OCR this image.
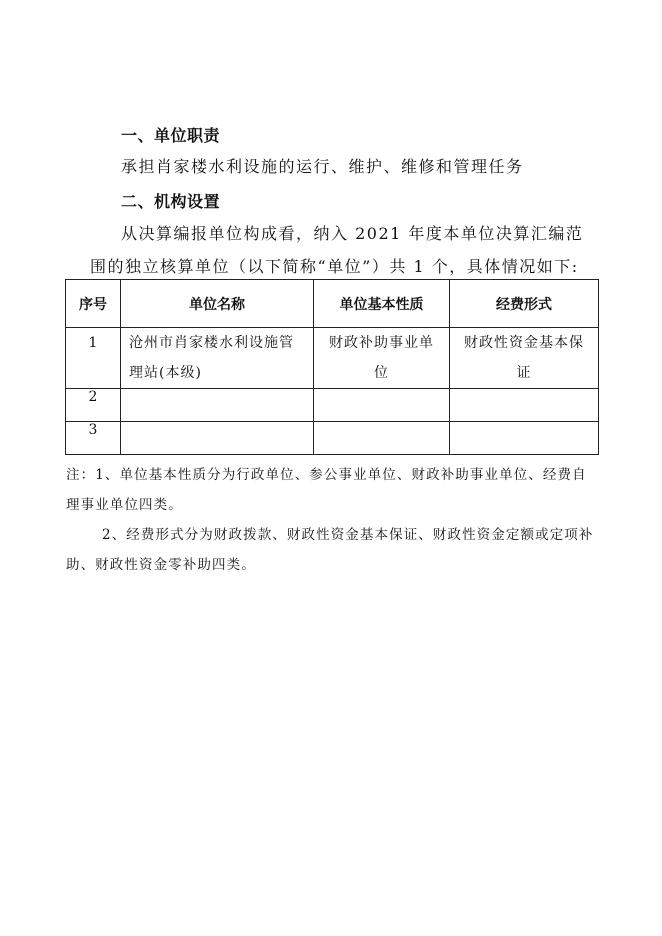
一、单位职责
承担肖家楼水利设施的运行、维护、维修和管理任务
二、机构设置
从决算编报单位构成看，纳入 2021 年度本单位决算汇编范
围的独立核算单位（以下简称“单位”）共 1 个，具体情况如下:
序号	单位名称	单位基本性质	经费形式

1	沧州市肖家楼水利设施管理站(本级)	财政补助事业单位	财政性资金基本保证

2			
3			
注：1、单位基本性质分为行政单位、参公事业单位、财政补助事业单位、经费自理事业单位四类。
2、经费形式分为财政拨款、财政性资金基本保证、财政性资金定额或定项补助、财政性资金零补助四类。
